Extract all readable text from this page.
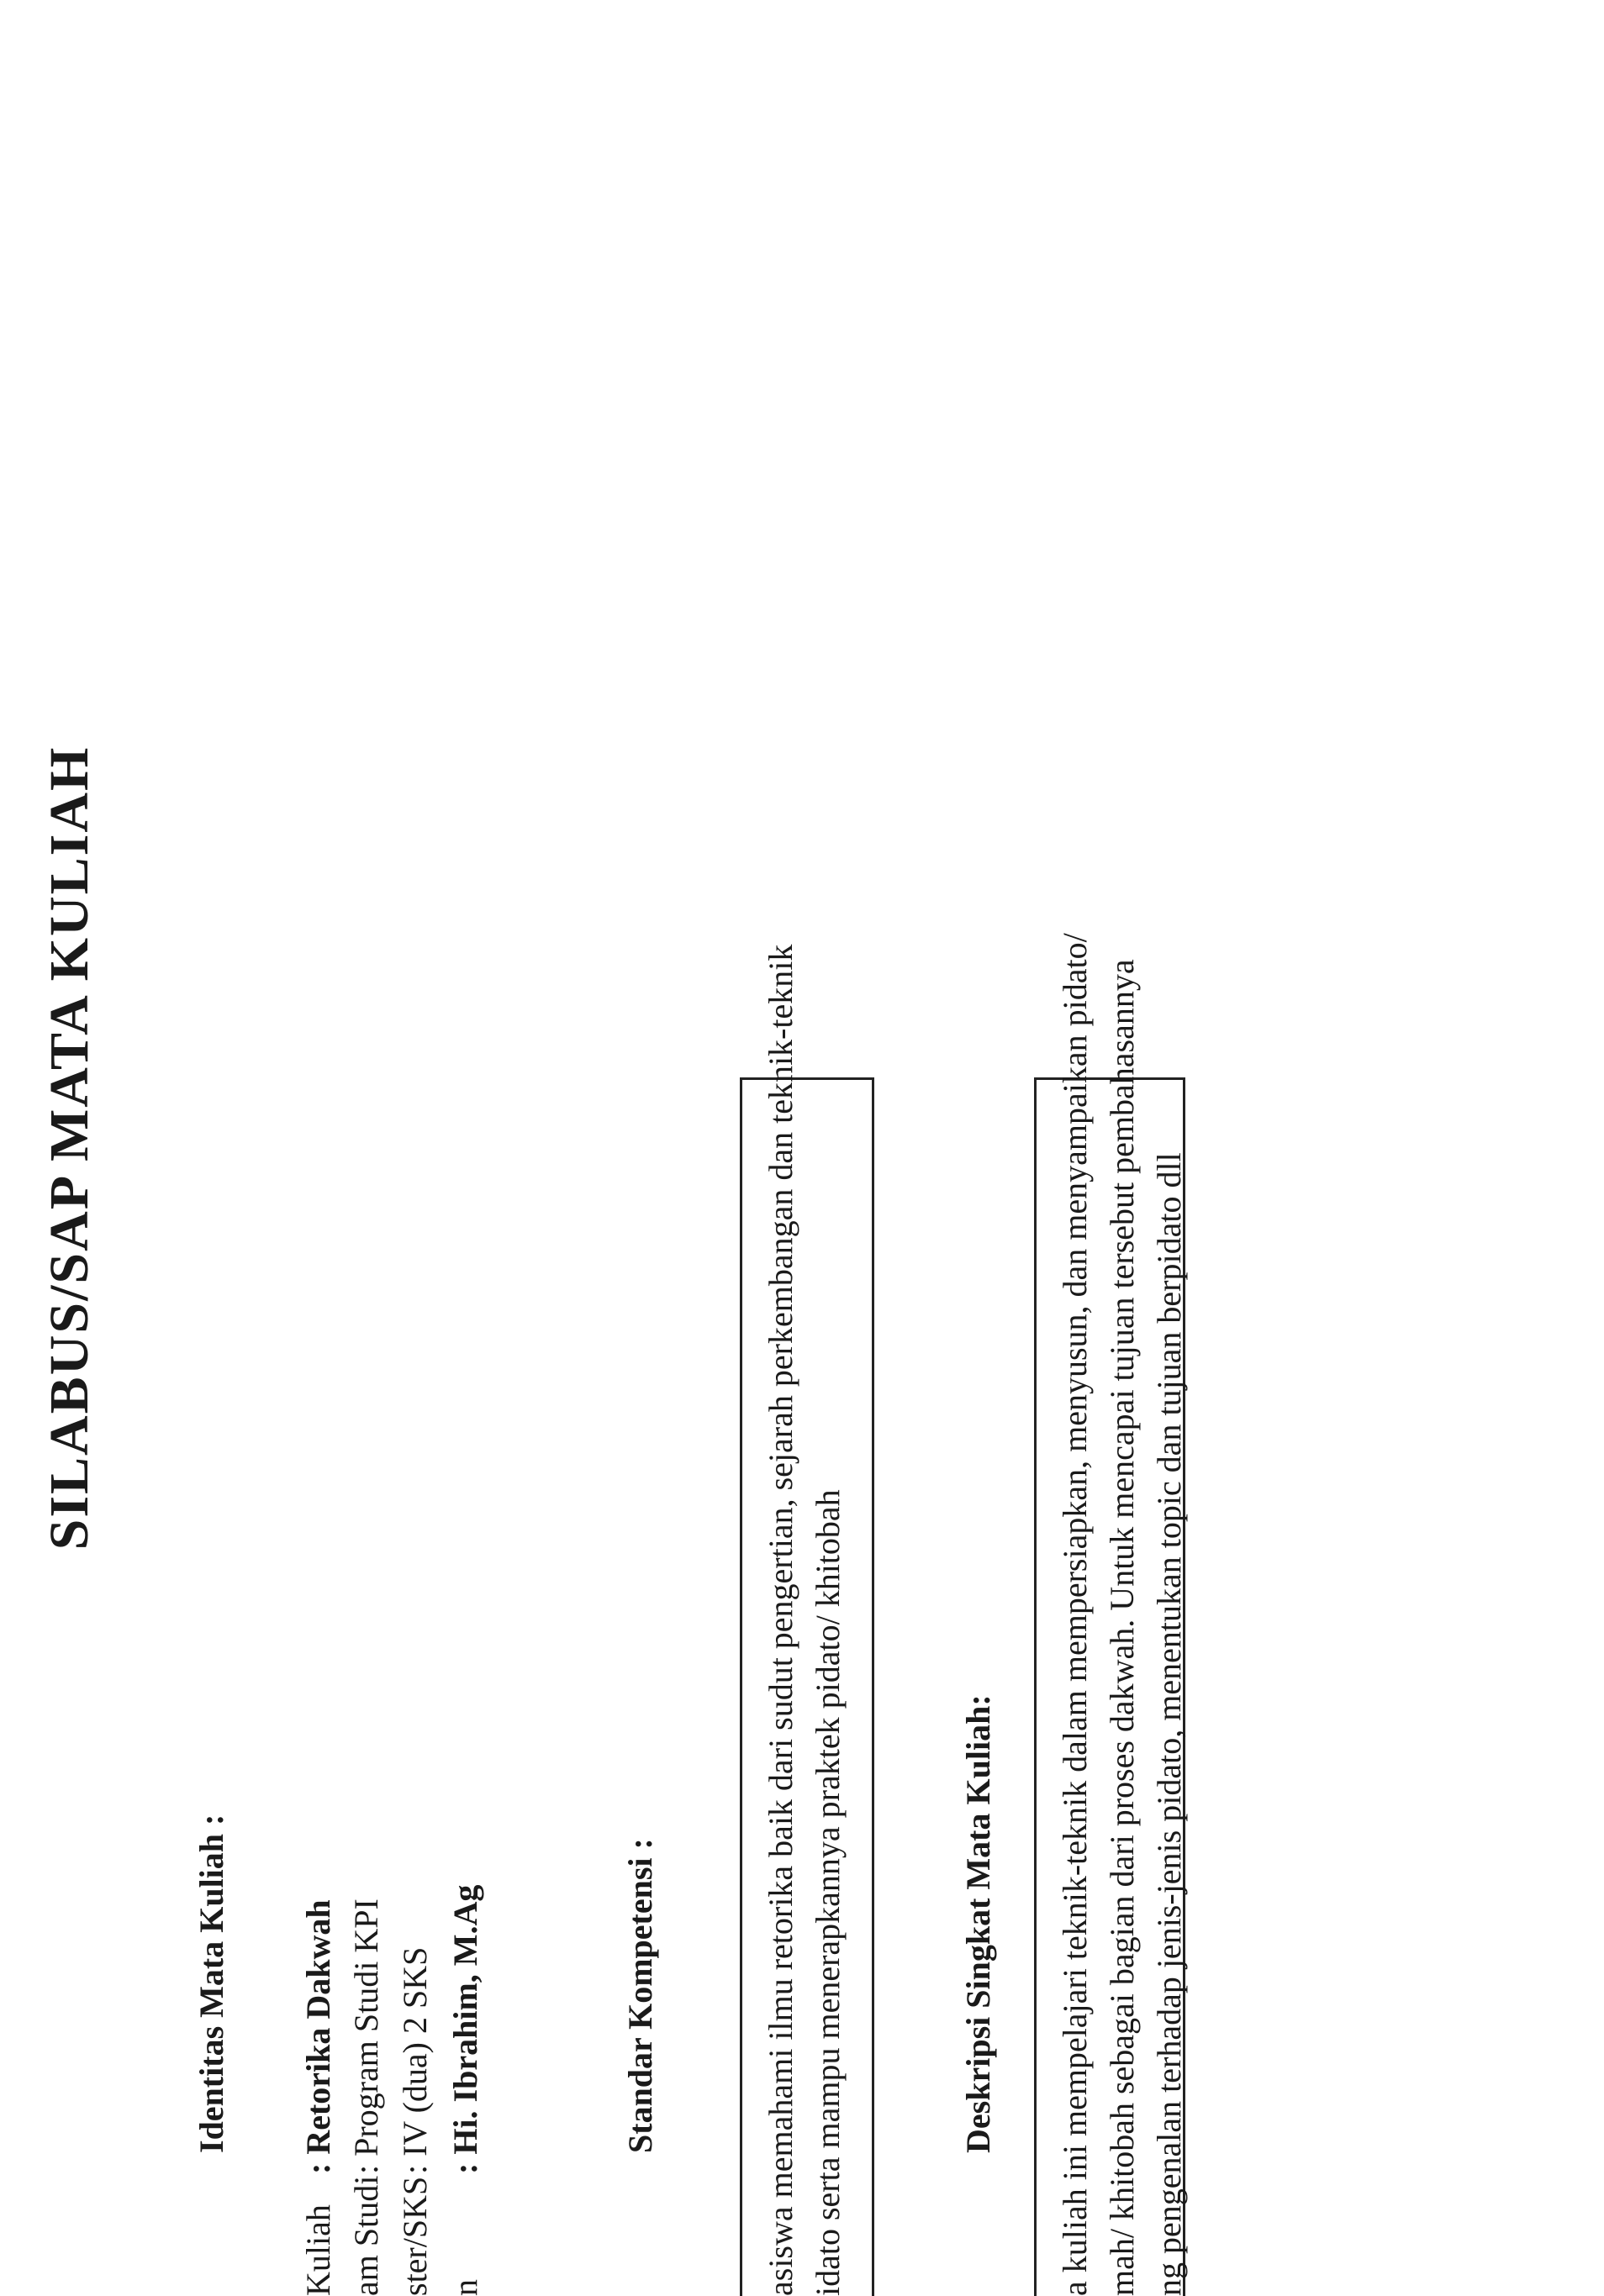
SILABUS/SAP MATA KULIAH
Identitas Mata Kuliah :
Kuliah
: Retorika Dakwah
am Studi
: Program Studi KPI
ster/SKS
: IV (dua) 2 SKS
n
: Hi. Ibrahim, M.Ag	Standar Kompetensi :	asiswa memahami ilmu retorika baik dari sudut pengertian, sejarah perkembangan dan teknik-teknik idato serta mampu menerapkannya praktek pidato/ khitobah	Deskripsi Singkat Mata Kuliah: a kuliah ini mempelajari teknik-teknik dalam mempersiapkan, menyusun, dan menyampaikan pidato/ mah/ khitobah sebagai bagian dari proses dakwah. Untuk mencapai tujuan tersebut pembahasannya ng pengenalan terhadap jenis-jenis pidato, menentukan topic dan tujuan berpidato dll
